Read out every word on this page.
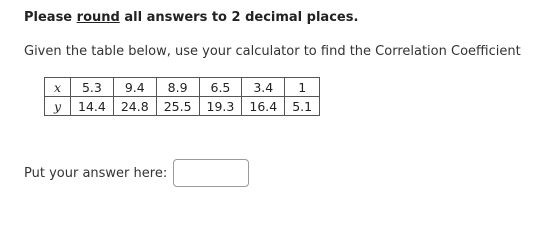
Please round all answers to 2 decimal places.
Given the table below, use your calculator to find the Correlation Coefficient
x	5.3	9.4	8.9	6.5	3.4	1
y	14.4	24.8	25.5	19.3	16.4	5.1
Put your answer here:
